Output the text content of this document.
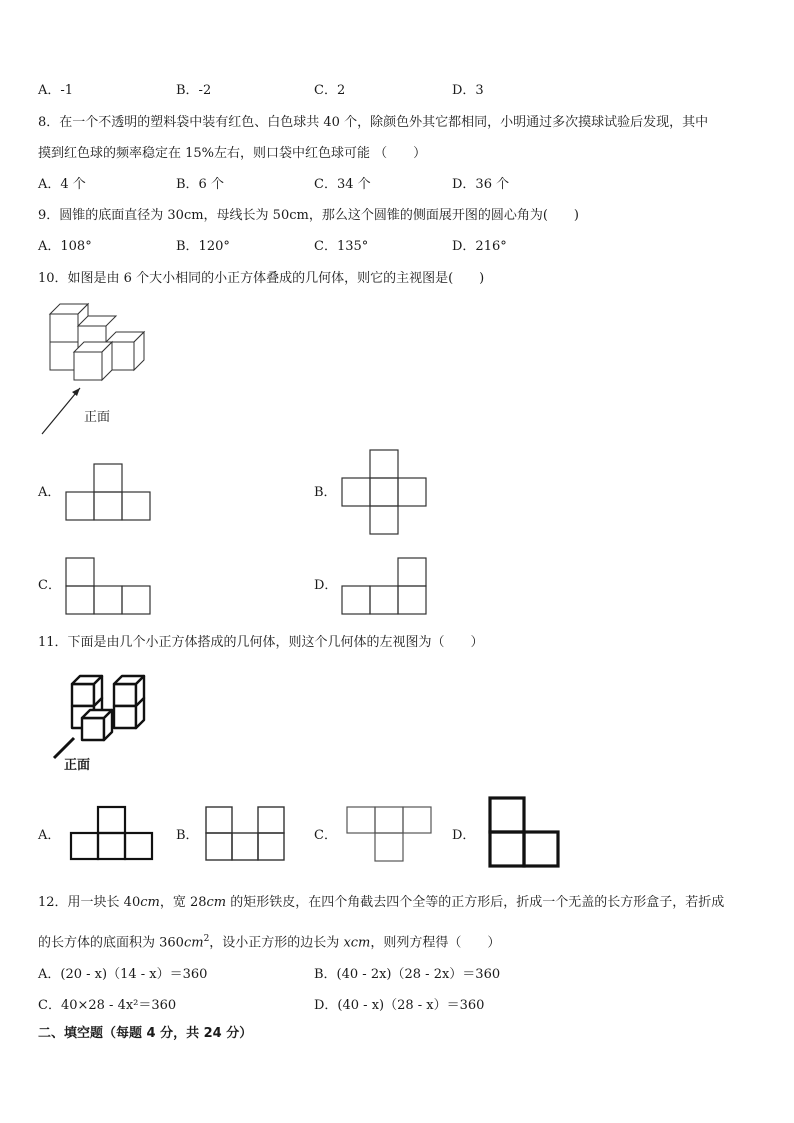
A．-1	B．-2	C．2	D．3
8．在一个不透明的塑料袋中装有红色、白色球共 40 个，除颜色外其它都相同，小明通过多次摸球试验后发现，其中
摸到红色球的频率稳定在 15%左右，则口袋中红色球可能 （　　）
A．4 个	B．6 个	C．34 个	D．36 个
9．圆锥的底面直径为 30cm，母线长为 50cm，那么这个圆锥的侧面展开图的圆心角为(　　)
A．108°	B．120°	C．135°	D．216°
10．如图是由 6 个大小相同的小正方体叠成的几何体，则它的主视图是(　　)
正面
A．	B．
C．	D．
11．下面是由几个小正方体搭成的几何体，则这个几何体的左视图为（　　）
正面
A．	B．	C．	D．
12．用一块长 40cm，宽 28cm 的矩形铁皮，在四个角截去四个全等的正方形后，折成一个无盖的长方形盒子，若折成
的长方体的底面积为 $360cm^2$，设小正方形的边长为 xcm，则列方程得（　　）
A．(20 - x)（14 - x）＝360	B．(40 - 2x)（28 - 2x）＝360
C．40×28 - 4x²＝360	D．(40 - x)（28 - x）＝360
二、填空题（每题 4 分，共 24 分）
